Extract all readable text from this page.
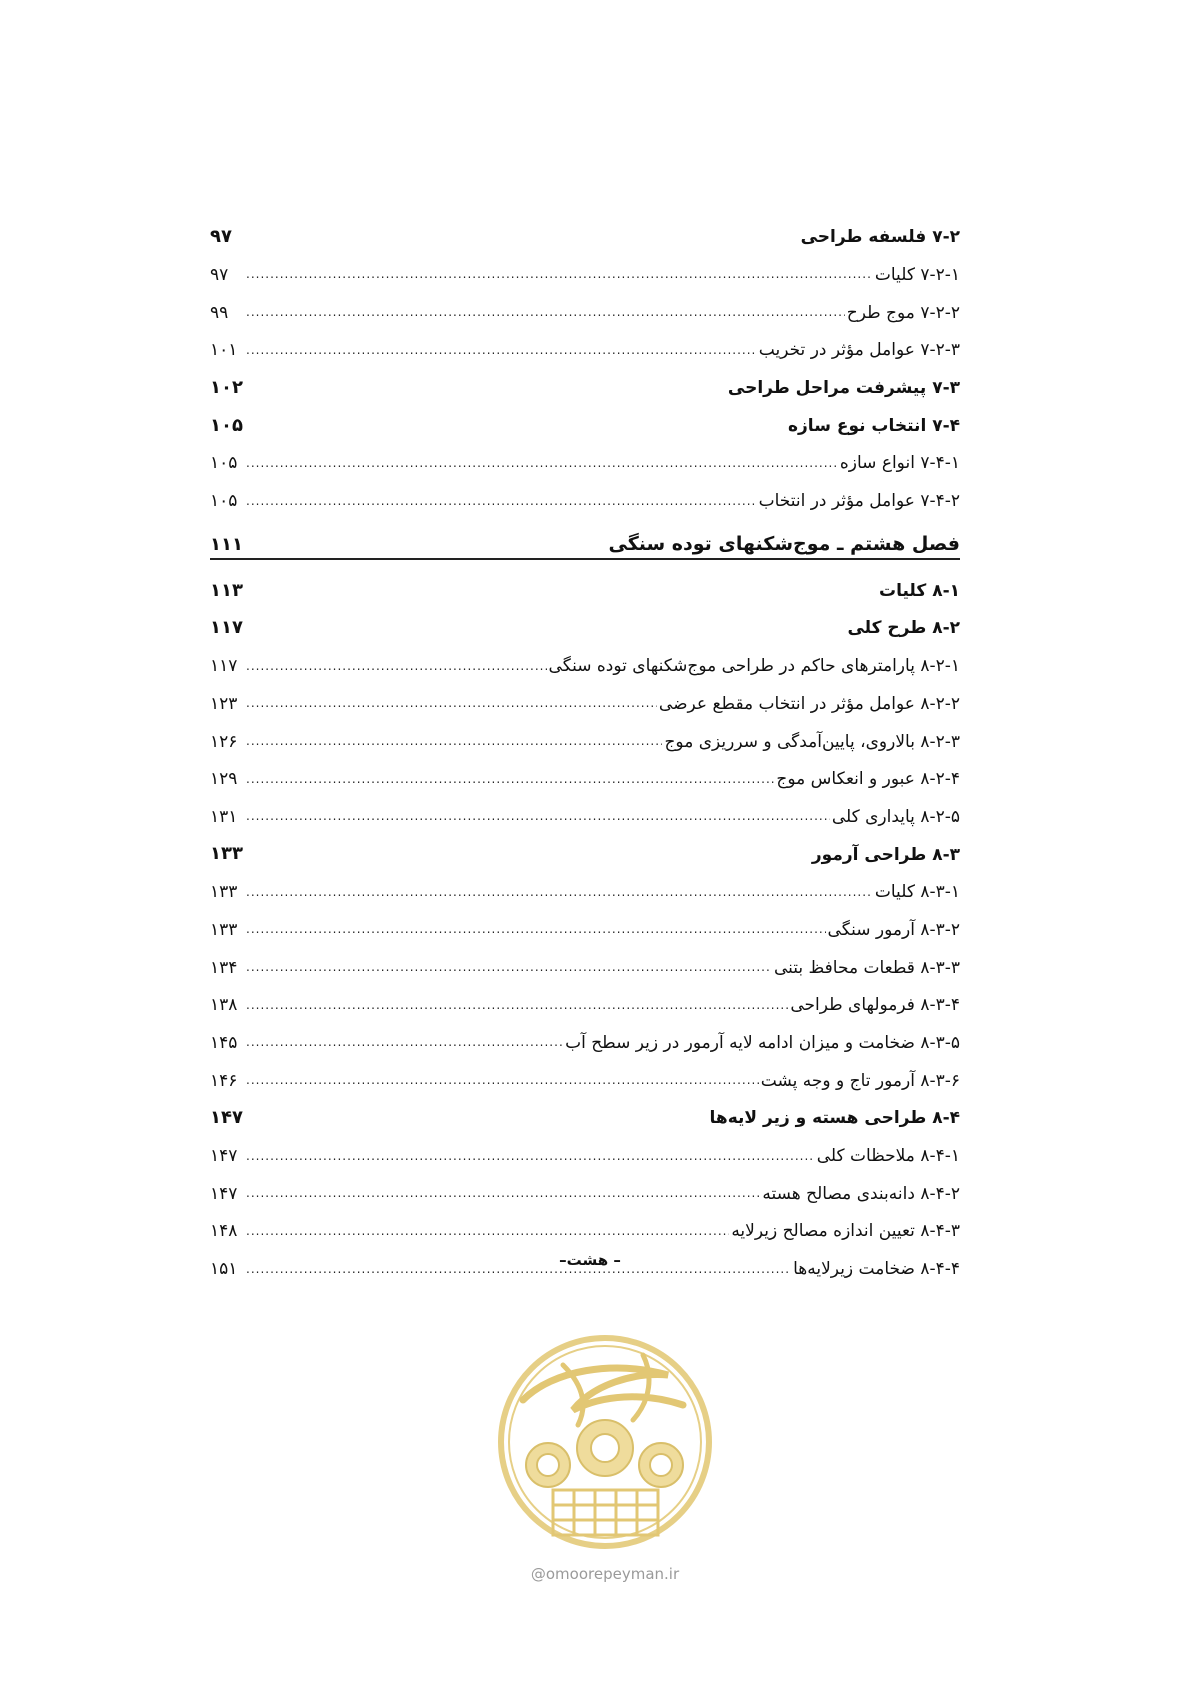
۷-۲ فلسفه طراحی
۹۷
۷-۲-۱ کلیات
.....
۹۷
۷-۲-۲ موج طرح
.....
۹۹
۷-۲-۳ عوامل مؤثر در تخریب
.....
۱۰۱
۷-۳ پیشرفت مراحل طراحی
۱۰۲
۷-۴ انتخاب نوع سازه
۱۰۵
۷-۴-۱ انواع سازه
.....
۱۰۵
۷-۴-۲ عوامل مؤثر در انتخاب
.....
۱۰۵
فصل هشتم ـ موج‌شکنهای توده سنگی
۱۱۱
۸-۱ کلیات
۱۱۳
۸-۲ طرح کلی
۱۱۷
۸-۲-۱ پارامترهای حاکم در طراحی موج‌شکنهای توده سنگی
.....
۱۱۷
۸-۲-۲ عوامل مؤثر در انتخاب مقطع عرضی
.....
۱۲۳
۸-۲-۳ بالاروی، پایین‌آمدگی و سرریزی موج
.....
۱۲۶
۸-۲-۴ عبور و انعکاس موج
.....
۱۲۹
۸-۲-۵ پایداری کلی
.....
۱۳۱
۸-۳ طراحی آرمور
۱۳۳
۸-۳-۱ کلیات
.....
۱۳۳
۸-۳-۲ آرمور سنگی
.....
۱۳۳
۸-۳-۳ قطعات محافظ بتنی
.....
۱۳۴
۸-۳-۴ فرمولهای طراحی
.....
۱۳۸
۸-۳-۵ ضخامت و میزان ادامه لایه آرمور در زیر سطح آب
.....
۱۴۵
۸-۳-۶ آرمور تاج و وجه پشت
.....
۱۴۶
۸-۴ طراحی هسته و زیر لایه‌ها
۱۴۷
۸-۴-۱ ملاحظات کلی
.....
۱۴۷
۸-۴-۲ دانه‌بندی مصالح هسته
.....
۱۴۷
۸-۴-۳ تعیین اندازه مصالح زیرلایه
.....
۱۴۸
۸-۴-۴ ضخامت زیرلایه‌ها
.....
۱۵۱	– هشت–
@omoorepeyman.ir
